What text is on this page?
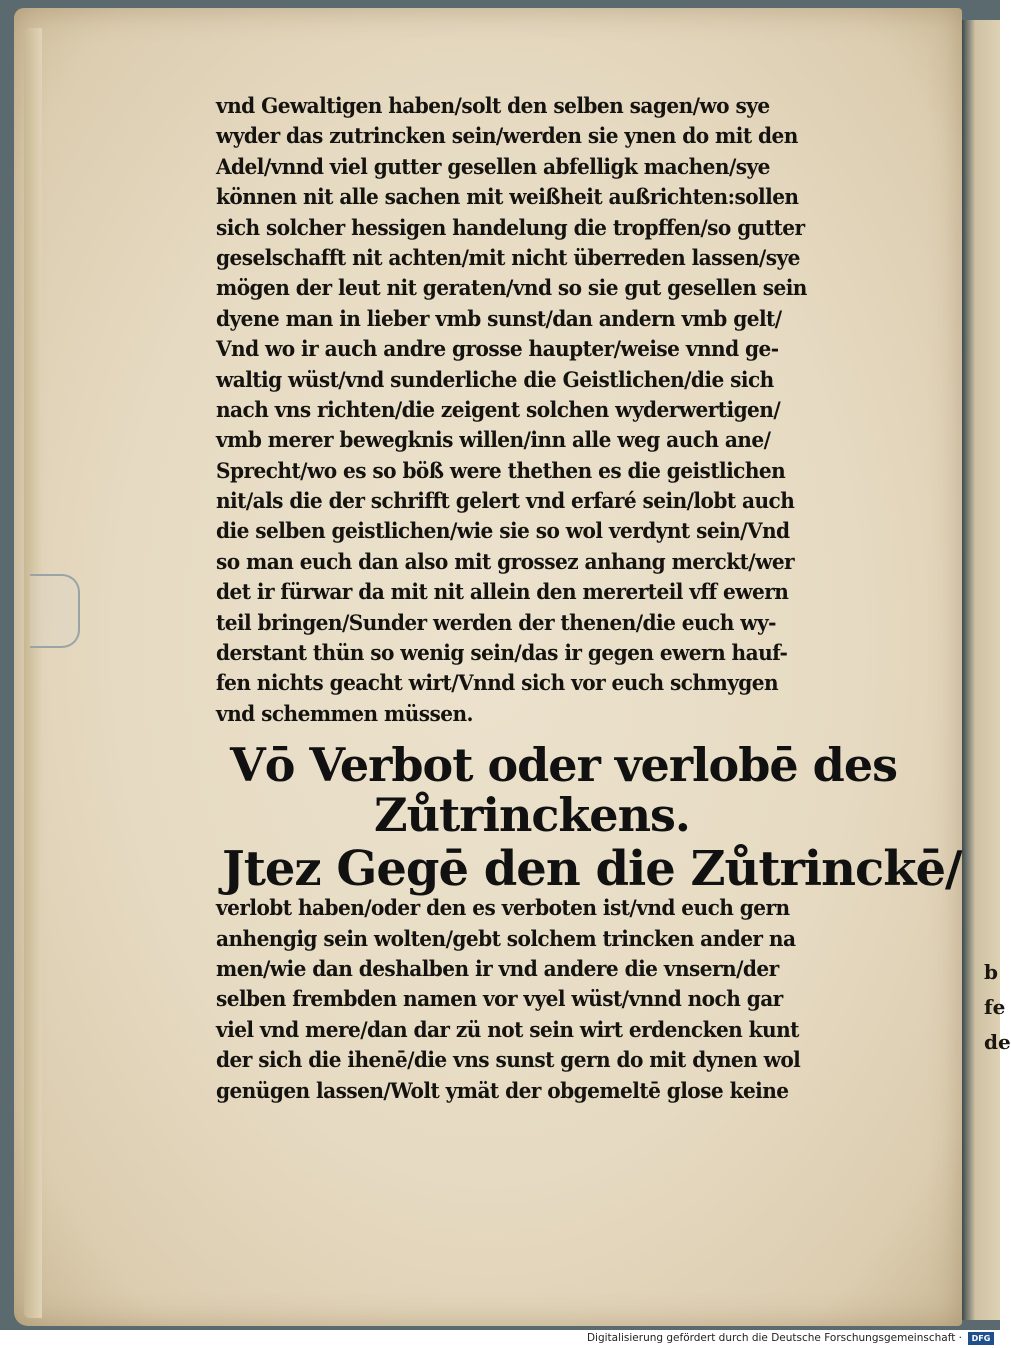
vnd Gewaltigen haben/solt den selben sagen/wo sye
wyder das zutrincken sein/werden sie ynen do mit den
Adel/vnnd viel gutter gesellen abfelligk machen/sye
können nit alle sachen mit weißheit außrichten:sollen
sich solcher hessigen handelung die tropffen/so gutter
geselschafft nit achten/mit nicht überreden lassen/sye
mögen der leut nit geraten/vnd so sie gut gesellen sein
dyene man in lieber vmb sunst/dan andern vmb gelt/
Vnd wo ir auch andre grosse haupter/weise vnnd ge-
waltig wüst/vnd sunderliche die Geistlichen/die sich
nach vns richten/die zeigent solchen wyderwertigen/
vmb merer bewegknis willen/inn alle weg auch ane/
Sprecht/wo es so böß were thethen es die geistlichen
nit/als die der schrifft gelert vnd erfaré sein/lobt auch
die selben geistlichen/wie sie so wol verdynt sein/Vnd
so man euch dan also mit grossez anhang merckt/wer
det ir fürwar da mit nit allein den mererteil vff ewern
teil bringen/Sunder werden der thenen/die euch wy-
derstant thün so wenig sein/das ir gegen ewern hauf-
fen nichts geacht wirt/Vnnd sich vor euch schmygen
vnd schemmen müssen.
Vō Verbot oder verlobē des
Zůtrinckens.
Jtez Gegē den die Zůtrinckē/
verlobt haben/oder den es verboten ist/vnd euch gern
anhengig sein wolten/gebt solchem trincken ander na
men/wie dan deshalben ir vnd andere die vnsern/der
selben frembden namen vor vyel wüst/vnnd noch gar
viel vnd mere/dan dar zü not sein wirt erdencken kunt
der sich die ihenē/die vns sunst gern do mit dynen wol
genügen lassen/Wolt ymät der obgemeltē glose keine
b
fe
de
Digitalisierung gefördert durch die Deutsche Forschungsgemeinschaft ·	DFG
